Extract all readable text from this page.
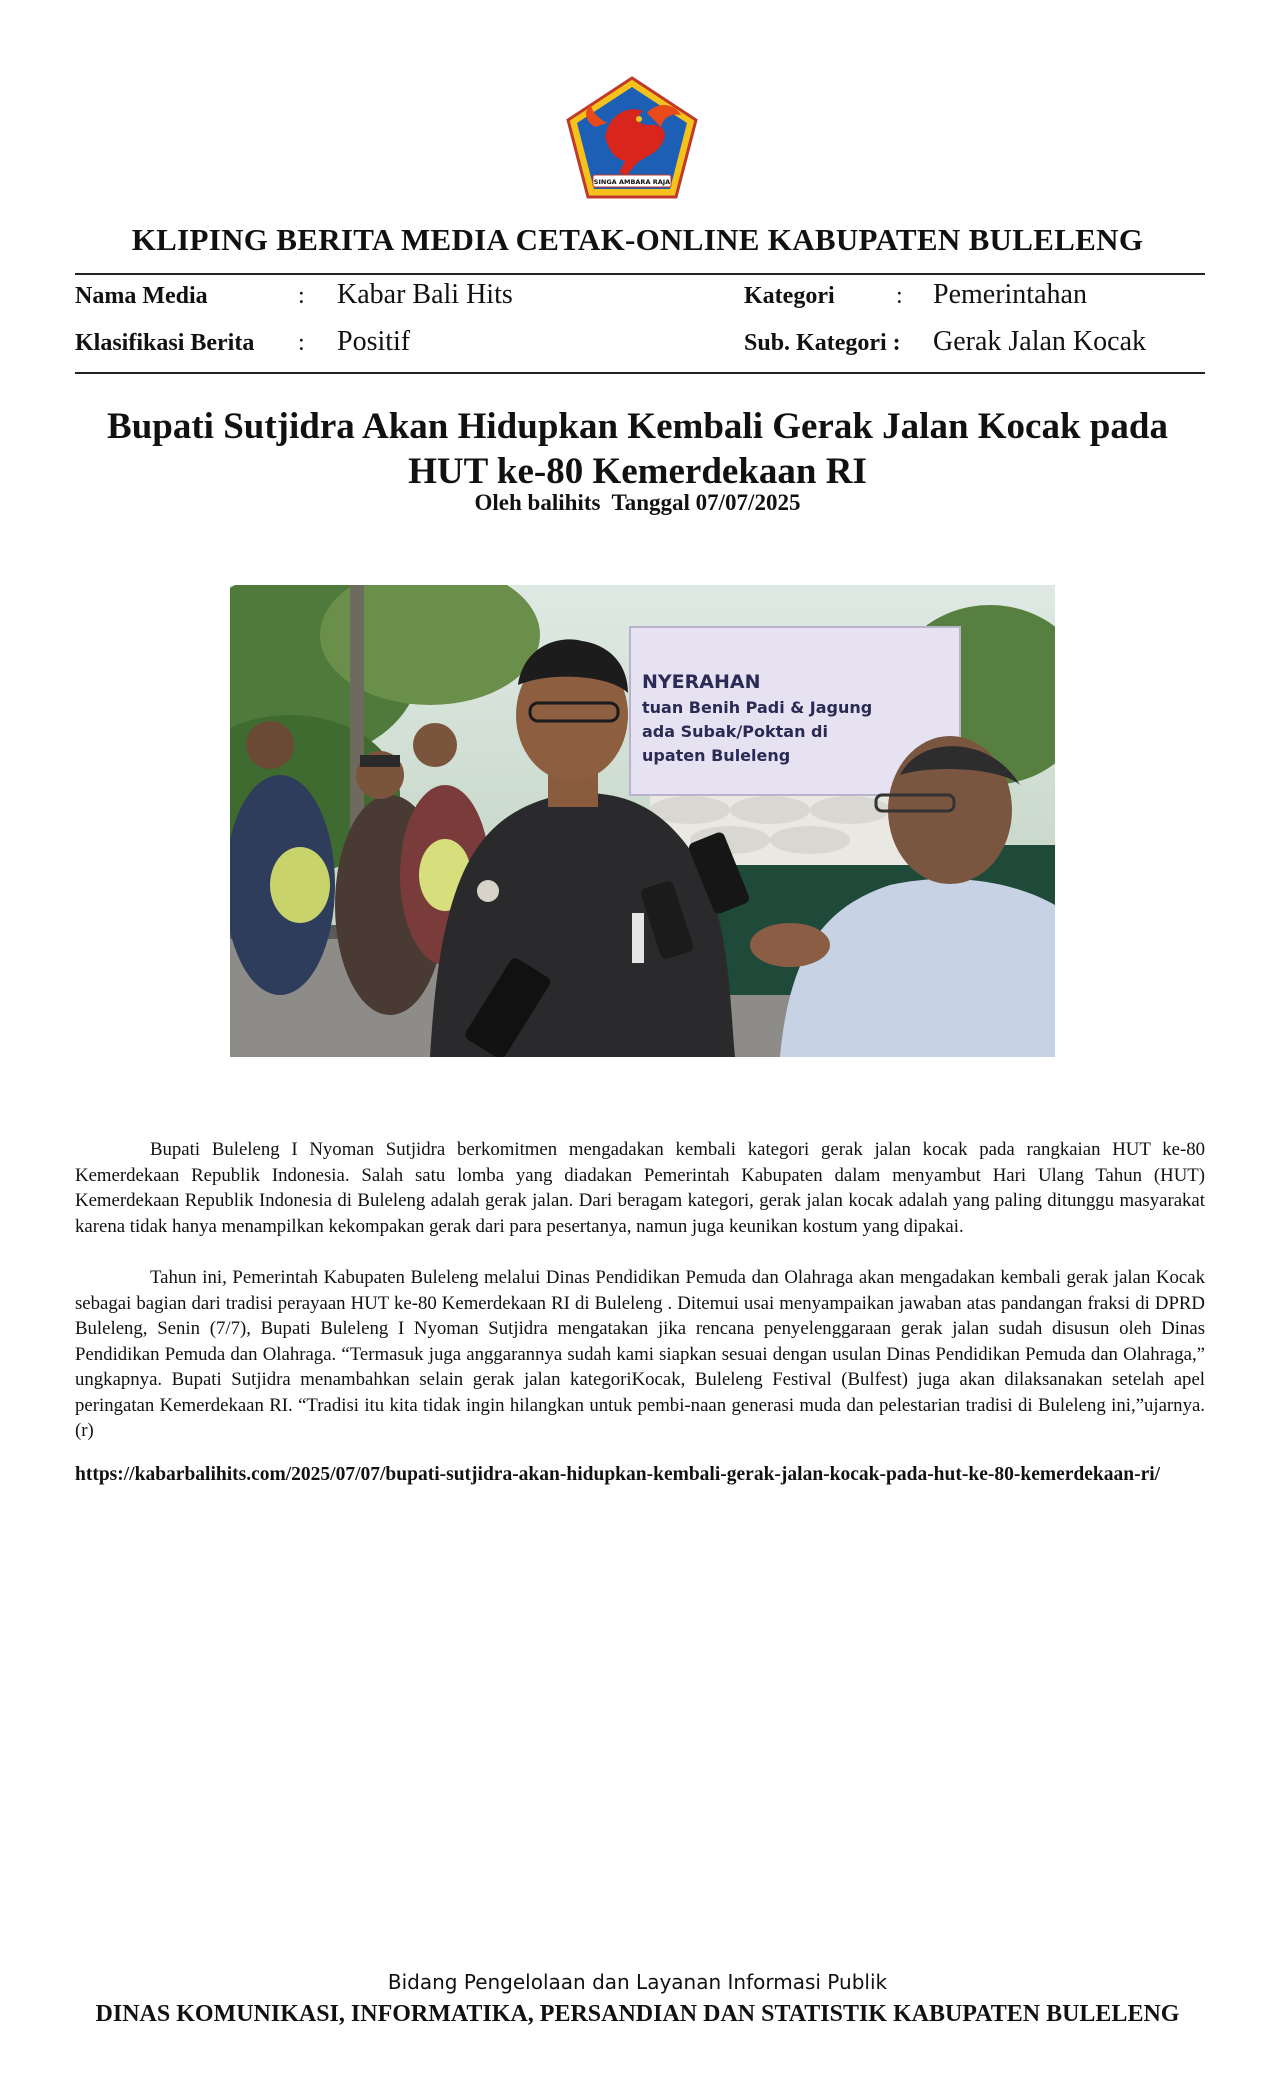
SINGA AMBARA RAJA
KLIPING BERITA MEDIA CETAK-ONLINE KABUPATEN BULELENG
Nama Media	: Kabar Bali Hits	Kategori	: Pemerintahan
Klasifikasi Berita : Positif	Sub. Kategori : Gerak Jalan Kocak
Bupati Sutjidra Akan Hidupkan Kembali Gerak Jalan Kocak pada HUT ke-80 Kemerdekaan RI
Oleh balihits  Tanggal 07/07/2025
NYERAHAN
tuan Benih Padi & Jagung
ada Subak/Poktan di
upaten Buleleng

Bupati Buleleng I Nyoman Sutjidra berkomitmen mengadakan kembali kategori gerak jalan kocak pada rangkaian HUT ke-80 Kemerdekaan Republik Indonesia. Salah satu lomba yang diadakan Pemerintah Kabupaten dalam menyambut Hari Ulang Tahun (HUT) Kemerdekaan Republik Indonesia di Buleleng adalah gerak jalan. Dari beragam kategori, gerak jalan kocak adalah yang paling ditunggu masyarakat karena tidak hanya menampilkan kekompakan gerak dari para pesertanya, namun juga keunikan kostum yang dipakai.

Tahun ini, Pemerintah Kabupaten Buleleng melalui Dinas Pendidikan Pemuda dan Olahraga akan mengadakan kembali gerak jalan Kocak sebagai bagian dari tradisi perayaan HUT ke-80 Kemerdekaan RI di Buleleng . Ditemui usai menyampaikan jawaban atas pandangan fraksi di DPRD Buleleng, Senin (7/7), Bupati Buleleng I Nyoman Sutjidra mengatakan jika rencana penyelenggaraan gerak jalan sudah disusun oleh Dinas Pendidikan Pemuda dan Olahraga. “Termasuk juga anggarannya sudah kami siapkan sesuai dengan usulan Dinas Pendidikan Pemuda dan Olahraga,” ungkapnya. Bupati Sutjidra menambahkan selain gerak jalan kategoriKocak, Buleleng Festival (Bulfest) juga akan dilaksanakan setelah apel peringatan Kemerdekaan RI. “Tradisi itu kita tidak ingin hilangkan untuk pembi-naan generasi muda dan pelestarian tradisi di Buleleng ini,”ujarnya.(r)

https://kabarbalihits.com/2025/07/07/bupati-sutjidra-akan-hidupkan-kembali-gerak-jalan-kocak-pada-hut-ke-80-kemerdekaan-ri/
Bidang Pengelolaan dan Layanan Informasi Publik
DINAS KOMUNIKASI, INFORMATIKA, PERSANDIAN DAN STATISTIK KABUPATEN BULELENG
